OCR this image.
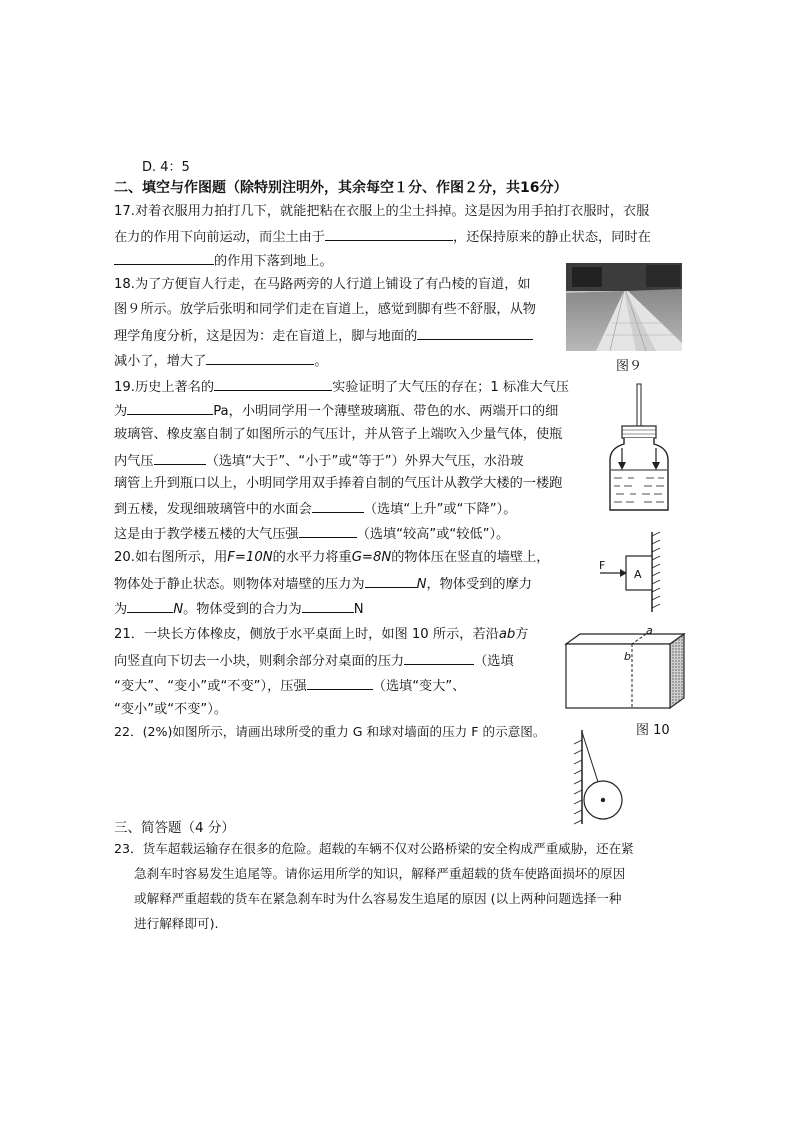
D. 4：5
二、填空与作图题（除特别注明外，其余每空１分、作图２分，共16分）
17.对着衣服用力拍打几下，就能把粘在衣服上的尘土抖掉。这是因为用手拍打衣服时，衣服
在力的作用下向前运动，而尘土由于	，还保持原来的静止状态，同时在
的作用下落到地上。
18.为了方便盲人行走，在马路两旁的人行道上铺设了有凸棱的盲道，如
图９所示。放学后张明和同学们走在盲道上，感觉到脚有些不舒服，从物
理学角度分析，这是因为：走在盲道上，脚与地面的
减小了，增大了	。	图９
19.历史上著名的	实验证明了大气压的存在；1 标准大气压
为	Pa，小明同学用一个薄壁玻璃瓶、带色的水、两端开口的细
玻璃管、橡皮塞自制了如图所示的气压计，并从管子上端吹入少量气体，使瓶
内气压	（选填“大于”、“小于”或“等于”）外界大气压，水沿玻
璃管上升到瓶口以上，小明同学用双手捧着自制的气压计从教学大楼的一楼跑
到五楼，发现细玻璃管中的水面会	（选填“上升”或“下降”）。
这是由于教学楼五楼的大气压强	（选填“较高”或“较低”）。
20.如右图所示，用F=10N的水平力将重G=8N的物体压在竖直的墙壁上，
物体处于静止状态。则物体对墙壁的压力为	N，物体受到的摩力
为	N。物体受到的合力为	N
F
A
21．一块长方体橡皮，侧放于水平桌面上时，如图 10 所示，若沿ab方
向竖直向下切去一小块，则剩余部分对桌面的压力	（选填
“变大”、“变小”或“不变”），压强	（选填“变大”、
“变小”或“不变”）。
a
b
图 10
22．(2%)如图所示，请画出球所受的重力 G 和球对墙面的压力 F 的示意图。
三、简答题（4 分）
23．货车超载运输存在很多的危险。超载的车辆不仅对公路桥梁的安全构成严重威胁，还在紧
急刹车时容易发生追尾等。请你运用所学的知识，解释严重超载的货车使路面损坏的原因
或解释严重超载的货车在紧急刹车时为什么容易发生追尾的原因 (以上两种问题选择一种
进行解释即可).
